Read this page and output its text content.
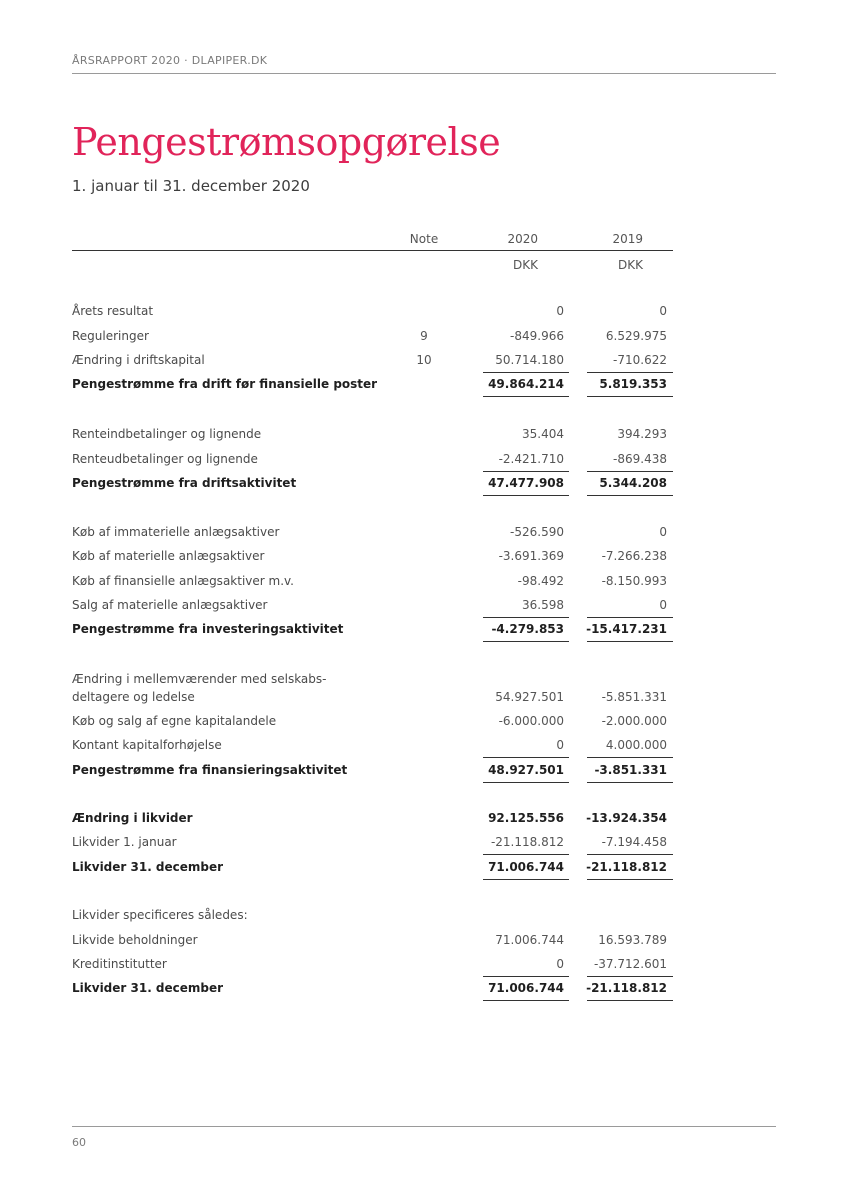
ÅRSRAPPORT 2020 · DLAPIPER.DK
Pengestrømsopgørelse
1. januar til 31. december 2020
Note	2020	2019
DKK	DKK
Årets resultat	0	0
Reguleringer	9	-849.966	6.529.975
Ændring i driftskapital	10	50.714.180	-710.622
Pengestrømme fra drift før finansielle poster	49.864.214	5.819.353
Renteindbetalinger og lignende	35.404	394.293
Renteudbetalinger og lignende	-2.421.710	-869.438
Pengestrømme fra driftsaktivitet	47.477.908	5.344.208
Køb af immaterielle anlægsaktiver	-526.590	0
Køb af materielle anlægsaktiver	-3.691.369	-7.266.238
Køb af finansielle anlægsaktiver m.v.	-98.492	-8.150.993
Salg af materielle anlægsaktiver	36.598	0
Pengestrømme fra investeringsaktivitet	-4.279.853 -15.417.231
Ændring i mellemværender med selskabs-
deltagere og ledelse	54.927.501	-5.851.331
Køb og salg af egne kapitalandele	-6.000.000	-2.000.000
Kontant kapitalforhøjelse	0	4.000.000
Pengestrømme fra finansieringsaktivitet	48.927.501	-3.851.331
Ændring i likvider	92.125.556 -13.924.354
Likvider 1. januar	-21.118.812	-7.194.458
Likvider 31. december	71.006.744 -21.118.812
Likvider specificeres således:
Likvide beholdninger	71.006.744	16.593.789
Kreditinstitutter	0 -37.712.601
Likvider 31. december	71.006.744 -21.118.812
60
